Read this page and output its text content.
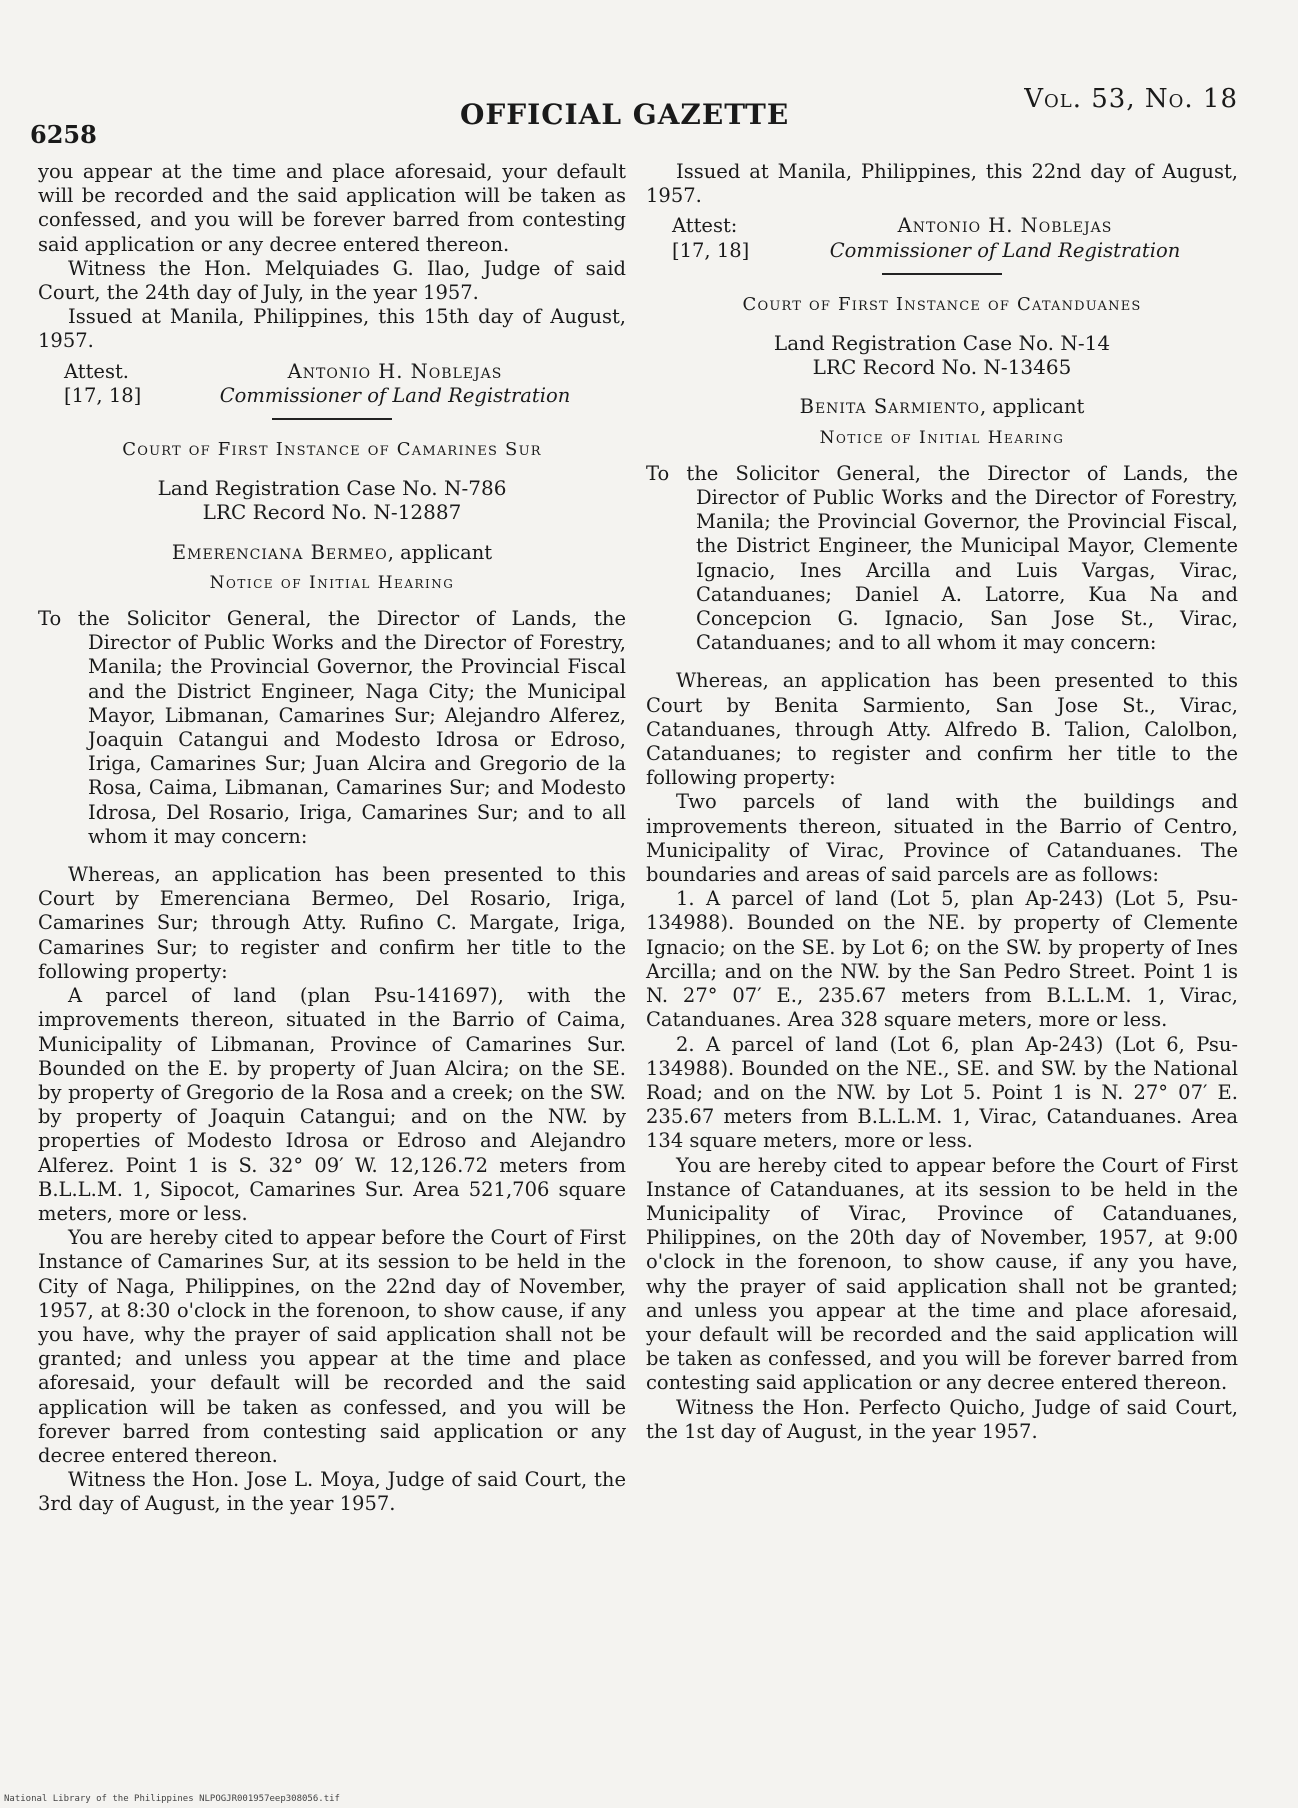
6258
OFFICIAL GAZETTE	Vol. 53, No. 18

you appear at the time and place aforesaid, your default will be recorded and the said application will be taken as confessed, and you will be forever barred from contesting said application or any decree entered thereon.

Witness the Hon. Melquiades G. Ilao, Judge of said Court, the 24th day of July, in the year 1957.

Issued at Manila, Philippines, this 15th day of August, 1957.

Attest.	Antonio H. Noblejas
[17, 18]	Commissioner of Land Registration
Court of First Instance of Camarines Sur

Land Registration Case No. N-786

LRC Record No. N-12887

Emerenciana Bermeo, applicant

Notice of Initial Hearing

To the Solicitor General, the Director of Lands, the Director of Public Works and the Director of Forestry, Manila; the Provincial Governor, the Provincial Fiscal and the District Engineer, Naga City; the Municipal Mayor, Libmanan, Camarines Sur; Alejandro Alferez, Joaquin Catangui and Modesto Idrosa or Edroso, Iriga, Camarines Sur; Juan Alcira and Gregorio de la Rosa, Caima, Libmanan, Camarines Sur; and Modesto Idrosa, Del Rosario, Iriga, Camarines Sur; and to all whom it may concern:

Whereas, an application has been presented to this Court by Emerenciana Bermeo, Del Rosario, Iriga, Camarines Sur; through Atty. Rufino C. Margate, Iriga, Camarines Sur; to register and confirm her title to the following property:

A parcel of land (plan Psu-141697), with the improvements thereon, situated in the Barrio of Caima, Municipality of Libmanan, Province of Camarines Sur. Bounded on the E. by property of Juan Alcira; on the SE. by property of Gregorio de la Rosa and a creek; on the SW. by property of Joaquin Catangui; and on the NW. by properties of Modesto Idrosa or Edroso and Alejandro Alferez. Point 1 is S. 32° 09′ W. 12,126.72 meters from B.L.L.M. 1, Sipocot, Camarines Sur. Area 521,706 square meters, more or less.

You are hereby cited to appear before the Court of First Instance of Camarines Sur, at its session to be held in the City of Naga, Philippines, on the 22nd day of November, 1957, at 8:30 o'clock in the forenoon, to show cause, if any you have, why the prayer of said application shall not be granted; and unless you appear at the time and place aforesaid, your default will be recorded and the said application will be taken as confessed, and you will be forever barred from contesting said application or any decree entered thereon.

Witness the Hon. Jose L. Moya, Judge of said Court, the 3rd day of August, in the year 1957.

Issued at Manila, Philippines, this 22nd day of August, 1957.

Attest:	Antonio H. Noblejas
[17, 18]	Commissioner of Land Registration
Court of First Instance of Catanduanes

Land Registration Case No. N-14

LRC Record No. N-13465

Benita Sarmiento, applicant

Notice of Initial Hearing

To the Solicitor General, the Director of Lands, the Director of Public Works and the Director of Forestry, Manila; the Provincial Governor, the Provincial Fiscal, the District Engineer, the Municipal Mayor, Clemente Ignacio, Ines Arcilla and Luis Vargas, Virac, Catanduanes; Daniel A. Latorre, Kua Na and Concepcion G. Ignacio, San Jose St., Virac, Catanduanes; and to all whom it may concern:

Whereas, an application has been presented to this Court by Benita Sarmiento, San Jose St., Virac, Catanduanes, through Atty. Alfredo B. Talion, Calolbon, Catanduanes; to register and confirm her title to the following property:

Two parcels of land with the buildings and improvements thereon, situated in the Barrio of Centro, Municipality of Virac, Province of Catanduanes. The boundaries and areas of said parcels are as follows:

1. A parcel of land (Lot 5, plan Ap-243) (Lot 5, Psu-134988). Bounded on the NE. by property of Clemente Ignacio; on the SE. by Lot 6; on the SW. by property of Ines Arcilla; and on the NW. by the San Pedro Street. Point 1 is N. 27° 07′ E., 235.67 meters from B.L.L.M. 1, Virac, Catanduanes. Area 328 square meters, more or less.

2. A parcel of land (Lot 6, plan Ap-243) (Lot 6, Psu-134988). Bounded on the NE., SE. and SW. by the National Road; and on the NW. by Lot 5. Point 1 is N. 27° 07′ E. 235.67 meters from B.L.L.M. 1, Virac, Catanduanes. Area 134 square meters, more or less.

You are hereby cited to appear before the Court of First Instance of Catanduanes, at its session to be held in the Municipality of Virac, Province of Catanduanes, Philippines, on the 20th day of November, 1957, at 9:00 o'clock in the forenoon, to show cause, if any you have, why the prayer of said application shall not be granted; and unless you appear at the time and place aforesaid, your default will be recorded and the said application will be taken as confessed, and you will be forever barred from contesting said application or any decree entered thereon.

Witness the Hon. Perfecto Quicho, Judge of said Court, the 1st day of August, in the year 1957.

National Library of the Philippines NLPOGJR001957eep308056.tif
